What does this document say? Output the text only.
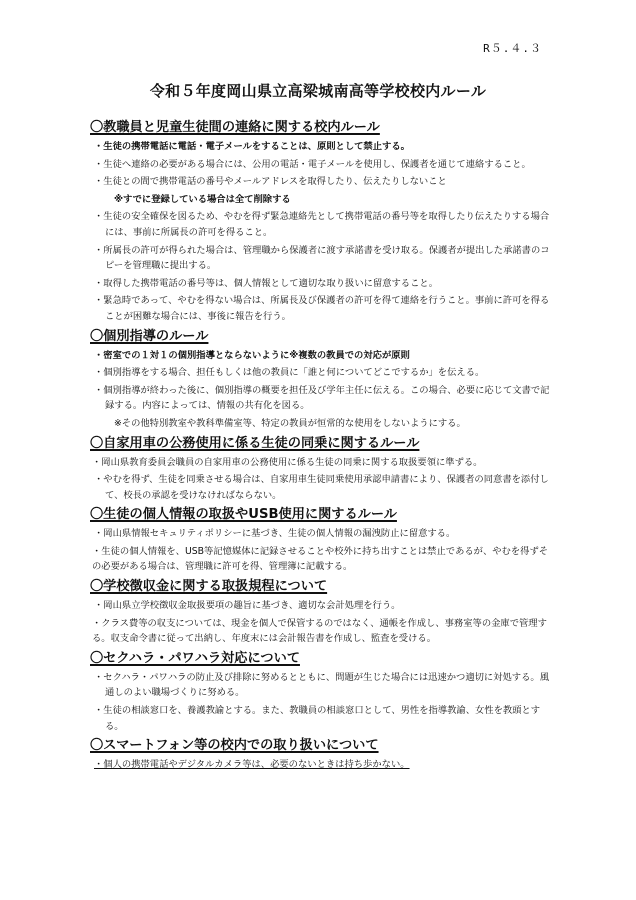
R５.４.３
令和５年度岡山県立高梁城南高等学校校内ルール
〇教職員と児童生徒間の連絡に関する校内ルール
・生徒の携帯電話に電話・電子メールをすることは、原則として禁止する。
・生徒へ連絡の必要がある場合には、公用の電話・電子メールを使用し、保護者を通じて連絡すること。
・生徒との間で携帯電話の番号やメールアドレスを取得したり、伝えたりしないこと
※すでに登録している場合は全て削除する
・生徒の安全確保を図るため、やむを得ず緊急連絡先として携帯電話の番号等を取得したり伝えたりする場合には、事前に所属長の許可を得ること。
・所属長の許可が得られた場合は、管理職から保護者に渡す承諾書を受け取る。保護者が提出した承諾書のコピーを管理職に提出する。
・取得した携帯電話の番号等は、個人情報として適切な取り扱いに留意すること。
・緊急時であって、やむを得ない場合は、所属長及び保護者の許可を得て連絡を行うこと。事前に許可を得ることが困難な場合には、事後に報告を行う。
〇個別指導のルール
・密室での１対１の個別指導とならないように※複数の教員での対応が原則
・個別指導をする場合、担任もしくは他の教員に「誰と何についてどこでするか」を伝える。
・個別指導が終わった後に、個別指導の概要を担任及び学年主任に伝える。この場合、必要に応じて文書で記録する。内容によっては、情報の共有化を図る。
※その他特別教室や教科準備室等、特定の教員が恒常的な使用をしないようにする。
〇自家用車の公務使用に係る生徒の同乗に関するルール
・岡山県教育委員会職員の自家用車の公務使用に係る生徒の同乗に関する取扱要領に準ずる。
・やむを得ず、生徒を同乗させる場合は、自家用車生徒同乗使用承認申請書により、保護者の同意書を添付して、校長の承認を受けなければならない。
〇生徒の個人情報の取扱やUSB使用に関するルール
・岡山県情報セキュリティポリシーに基づき、生徒の個人情報の漏洩防止に留意する。
・生徒の個人情報を、USB等記憶媒体に記録させることや校外に持ち出すことは禁止であるが、やむを得ずその必要がある場合は、管理職に許可を得、管理簿に記載する。
〇学校徴収金に関する取扱規程について
・岡山県立学校徴収金取扱要項の趣旨に基づき、適切な会計処理を行う。
・クラス費等の収支については、現金を個人で保管するのではなく、通帳を作成し、事務室等の金庫で管理する。収支命令書に従って出納し、年度末には会計報告書を作成し、監査を受ける。
〇セクハラ・パワハラ対応について
・セクハラ・パワハラの防止及び排除に努めるとともに、問題が生じた場合には迅速かつ適切に対処する。風通しのよい職場づくりに努める。
・生徒の相談窓口を、養護教諭とする。また、教職員の相談窓口として、男性を指導教諭、女性を教頭とする。
〇スマートフォン等の校内での取り扱いについて
・個人の携帯電話やデジタルカメラ等は、必要のないときは持ち歩かない。
